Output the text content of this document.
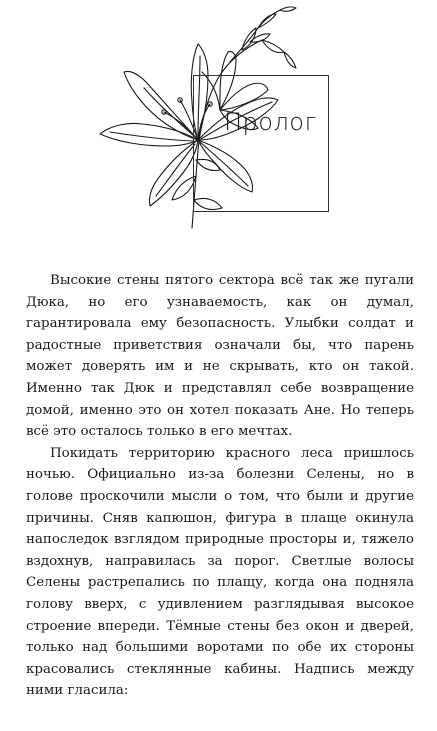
Пролог

Высокие стены пятого сектора всё так же пугали Дюка, но его узнаваемость, как он думал, гарантировала ему безопасность. Улыбки солдат и радостные приветствия означали бы, что парень может доверять им и не скрывать, кто он такой. Именно так Дюк и представлял себе возвращение домой, именно это он хотел показать Ане. Но теперь всё это осталось только в его мечтах.

Покидать территорию красного леса пришлось ночью. Официально из-за болезни Селены, но в голове проскочили мысли о том, что были и другие причины. Сняв капюшон, фигура в плаще окинула напоследок взглядом природные просторы и, тяжело вздохнув, направилась за порог. Светлые волосы Селены растрепались по плащу, когда она подняла голову вверх, с удивлением разглядывая высокое строение впереди. Тёмные стены без окон и дверей, только над большими воротами по обе их стороны красовались стеклянные кабины. Надпись между ними гласила:
